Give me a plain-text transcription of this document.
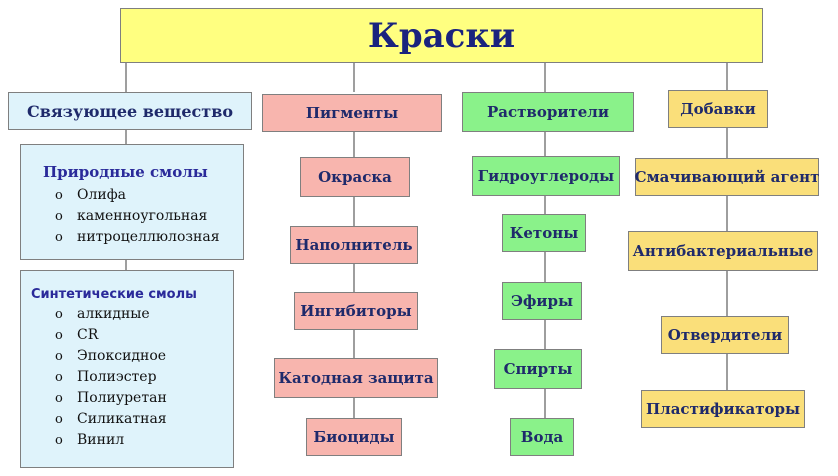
Краски
Связующее вещество
Природные смолы
o Олифа
o каменноугольная
o нитроцеллюлозная
Синтетические смолы
o алкидные
o CR
o Эпоксидное
o Полиэстер
o Полиуретан
o Силикатная
o Винил
Пигменты
Окраска
Наполнитель
Ингибиторы
Катодная защита
Биоциды
Растворители
Гидроуглероды
Кетоны
Эфиры
Спирты
Вода
Добавки
Смачивающий агент
Антибактериальные
Отвердители
Пластификаторы
